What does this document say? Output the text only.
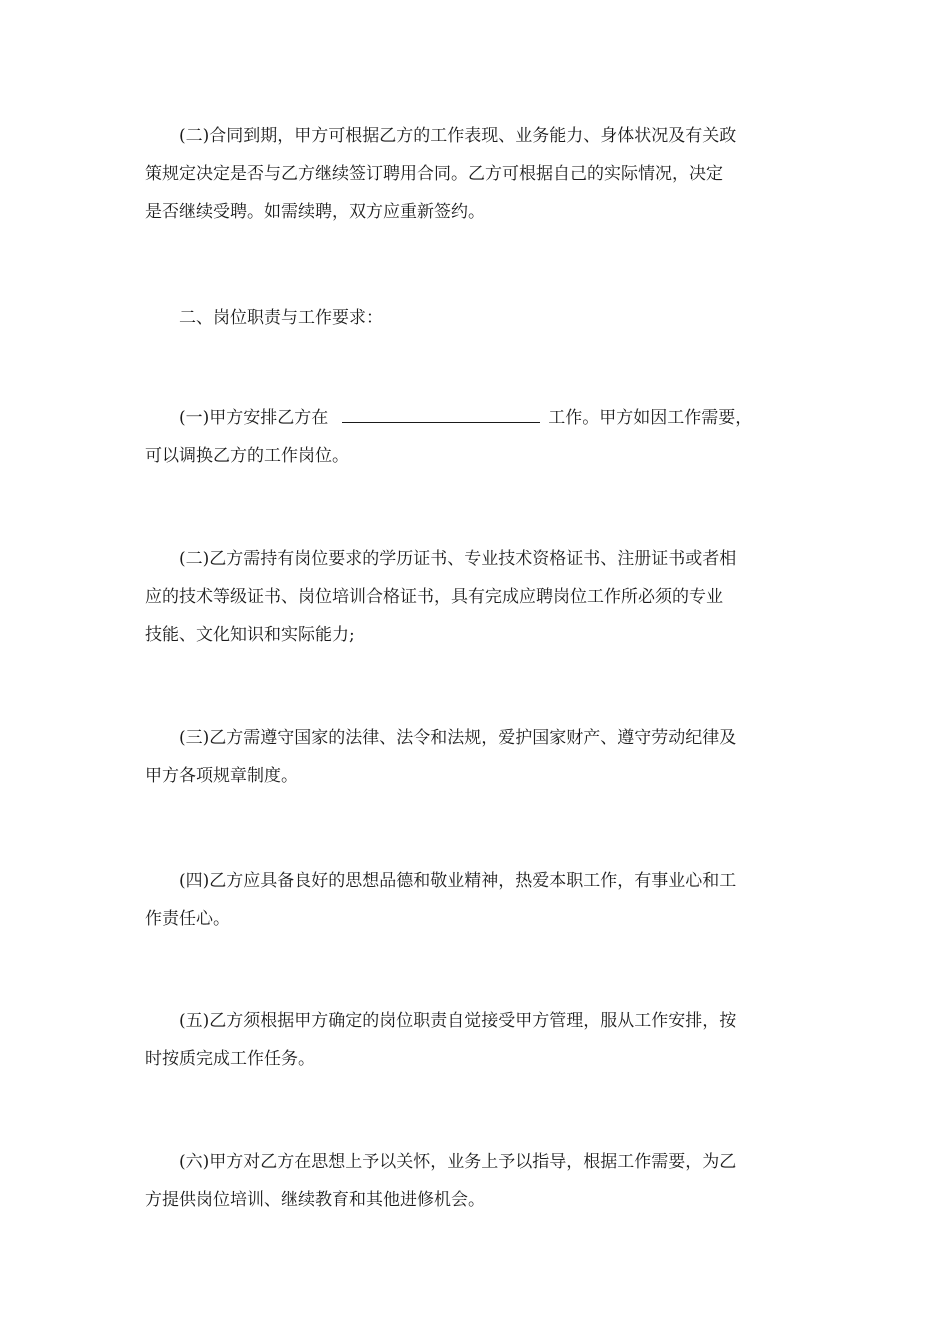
(二)合同到期，甲方可根据乙方的工作表现、业务能力、身体状况及有关政
策规定决定是否与乙方继续签订聘用合同。乙方可根据自己的实际情况，决定
是否继续受聘。如需续聘，双方应重新签约。
二、岗位职责与工作要求：
(一)甲方安排乙方在	工作。甲方如因工作需要，
可以调换乙方的工作岗位。
(二)乙方需持有岗位要求的学历证书、专业技术资格证书、注册证书或者相
应的技术等级证书、岗位培训合格证书，具有完成应聘岗位工作所必须的专业
技能、文化知识和实际能力;
(三)乙方需遵守国家的法律、法令和法规，爱护国家财产、遵守劳动纪律及
甲方各项规章制度。
(四)乙方应具备良好的思想品德和敬业精神，热爱本职工作，有事业心和工
作责任心。
(五)乙方须根据甲方确定的岗位职责自觉接受甲方管理，服从工作安排，按
时按质完成工作任务。
(六)甲方对乙方在思想上予以关怀，业务上予以指导，根据工作需要，为乙
方提供岗位培训、继续教育和其他进修机会。
